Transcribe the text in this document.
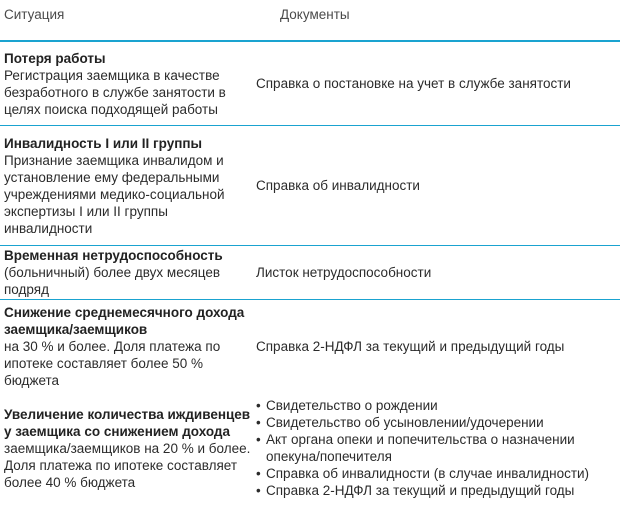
Ситуация	Документы
Потеря работы
Регистрация заемщика в качестве безработного в службе занятости в целях поиска подходящей работы
Справка о постановке на учет в службе занятости
Инвалидность I или II группы
Признание заемщика инвалидом и установление ему федеральными учреждениями медико-социальной экспертизы I или II группы инвалидности
Справка об инвалидности
Временная нетрудоспособность
(больничный) более двух месяцев подряд
Листок нетрудоспособности
Снижение среднемесячного дохода заемщика/заемщиков
на 30 % и более. Доля платежа по ипотеке составляет более 50 % бюджета
Справка 2-НДФЛ за текущий и предыдущий годы
Увеличение количества иждивенцев у заемщика со снижением дохода заемщика/заемщиков на 20 % и более. Доля платежа по ипотеке составляет более 40 % бюджета
• Свидетельство о рождении
• Свидетельство об усыновлении/удочерении
• Акт органа опеки и попечительства о назначении опекуна/попечителя
• Справка об инвалидности (в случае инвалидности)
• Справка 2-НДФЛ за текущий и предыдущий годы
